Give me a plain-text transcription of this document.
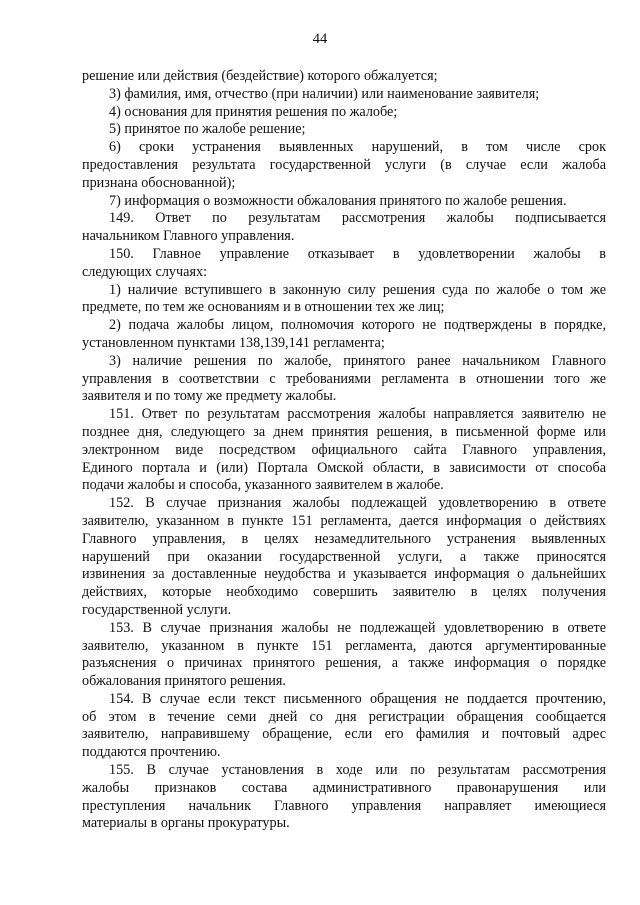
44
решение или действия (бездействие) которого обжалуется;
3) фамилия, имя, отчество (при наличии) или наименование заявителя;
4) основания для принятия решения по жалобе;
5) принятое по жалобе решение;
6) сроки устранения выявленных нарушений, в том числе срок
предоставления результата государственной услуги (в случае если жалоба
признана обоснованной);
7) информация о возможности обжалования принятого по жалобе решения.
149. Ответ по результатам рассмотрения жалобы подписывается
начальником Главного управления.
150. Главное управление отказывает в удовлетворении жалобы в
следующих случаях:
1) наличие вступившего в законную силу решения суда по жалобе о том же
предмете, по тем же основаниям и в отношении тех же лиц;
2) подача жалобы лицом, полномочия которого не подтверждены в порядке,
установленном пунктами 138,139,141 регламента;
3) наличие решения по жалобе, принятого ранее начальником Главного
управления в соответствии с требованиями регламента в отношении того же
заявителя и по тому же предмету жалобы.
151. Ответ по результатам рассмотрения жалобы направляется заявителю не
позднее дня, следующего за днем принятия решения, в письменной форме или
электронном виде посредством официального сайта Главного управления,
Единого портала и (или) Портала Омской области, в зависимости от способа
подачи жалобы и способа, указанного заявителем в жалобе.
152. В случае признания жалобы подлежащей удовлетворению в ответе
заявителю, указанном в пункте 151 регламента, дается информация о действиях
Главного управления, в целях незамедлительного устранения выявленных
нарушений при оказании государственной услуги, а также приносятся
извинения за доставленные неудобства и указывается информация о дальнейших
действиях, которые необходимо совершить заявителю в целях получения
государственной услуги.
153. В случае признания жалобы не подлежащей удовлетворению в ответе
заявителю, указанном в пункте 151 регламента, даются аргументированные
разъяснения о причинах принятого решения, а также информация о порядке
обжалования принятого решения.
154. В случае если текст письменного обращения не поддается прочтению,
об этом в течение семи дней со дня регистрации обращения сообщается
заявителю, направившему обращение, если его фамилия и почтовый адрес
поддаются прочтению.
155. В случае установления в ходе или по результатам рассмотрения
жалобы признаков состава административного правонарушения или
преступления начальник Главного управления направляет имеющиеся
материалы в органы прокуратуры.
